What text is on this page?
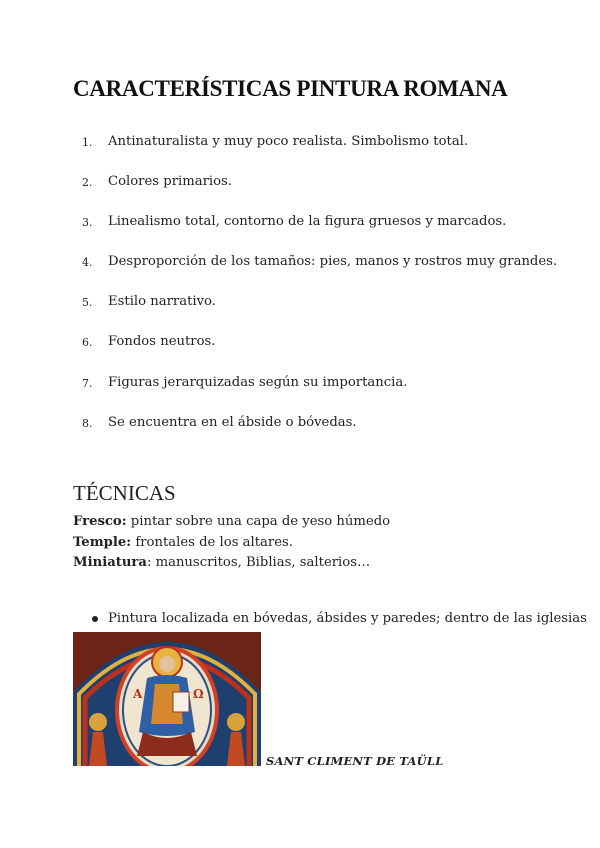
CARACTERÍSTICAS PINTURA ROMANA
1.	Antinaturalista y muy poco realista. Simbolismo total.
2.	Colores primarios.
3.	Linealismo total, contorno de la figura gruesos y marcados.
4.	Desproporción de los tamaños: pies, manos y rostros muy grandes.
5.	Estilo narrativo.
6.	Fondos neutros.
7.	Figuras jerarquizadas según su importancia.
8.	Se encuentra en el ábside o bóvedas.
TÉCNICAS
Fresco: pintar sobre una capa de yeso húmedo
Temple: frontales de los altares.
Miniatura: manuscritos, Biblias, salterios…
Pintura localizada en bóvedas, ábsides y paredes; dentro de las iglesias
A	Ω
SANT CLIMENT DE TAÜLL
